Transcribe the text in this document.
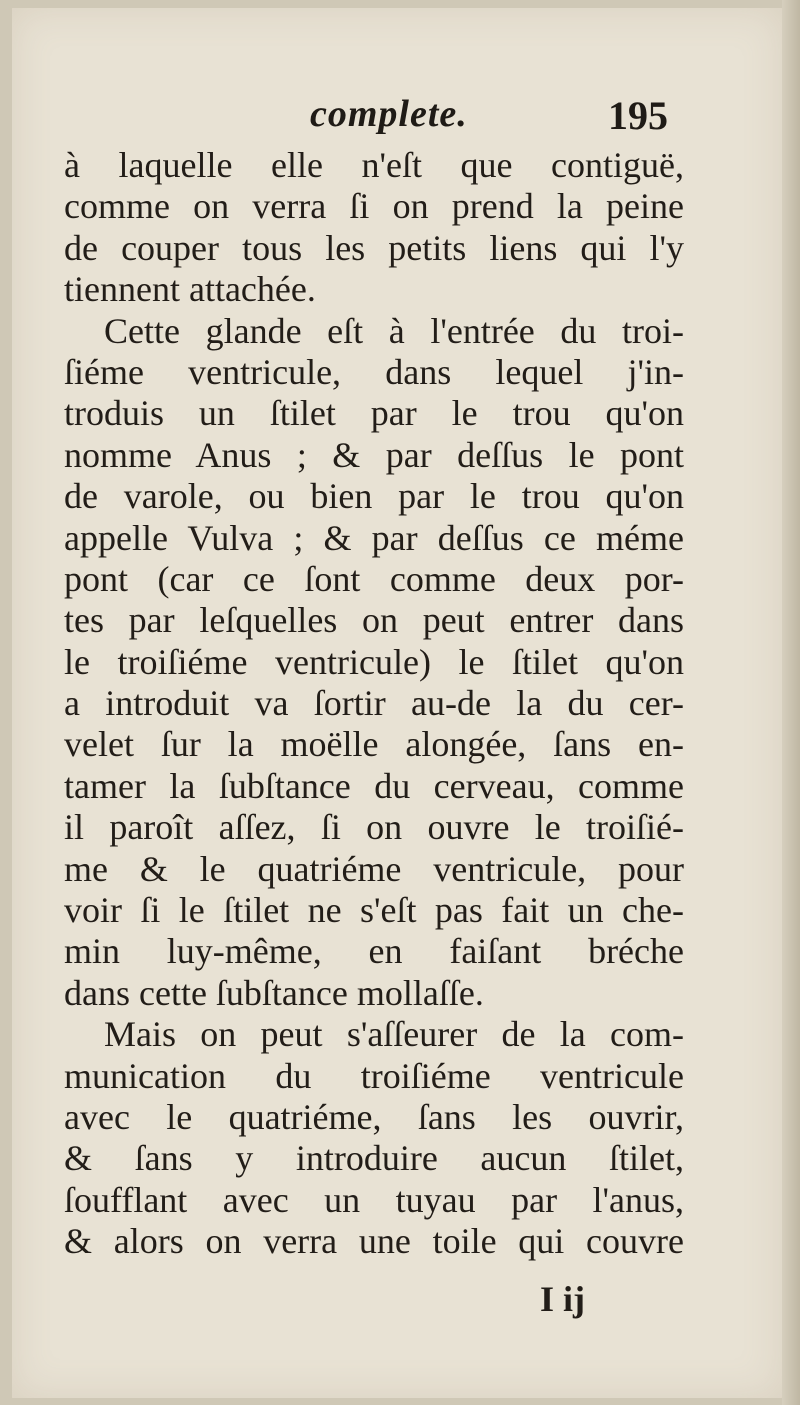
complete.	195
à laquelle elle n'eſt que contiguë,
comme on verra ſi on prend la peine
de couper tous les petits liens qui l'y
tiennent attachée.
Cette glande eſt à l'entrée du troi-
ſiéme ventricule, dans lequel j'in-
troduis un ſtilet par le trou qu'on
nomme Anus ; & par deſſus le pont
de varole, ou bien par le trou qu'on
appelle Vulva ; & par deſſus ce méme
pont (car ce ſont comme deux por-
tes par leſquelles on peut entrer dans
le troiſiéme ventricule) le ſtilet qu'on
a introduit va ſortir au-de la du cer-
velet ſur la moëlle alongée, ſans en-
tamer la ſubſtance du cerveau, comme
il paroît aſſez, ſi on ouvre le troiſié-
me & le quatriéme ventricule, pour
voir ſi le ſtilet ne s'eſt pas fait un che-
min luy-même, en faiſant bréche
dans cette ſubſtance mollaſſe.
Mais on peut s'aſſeurer de la com-
munication du troiſiéme ventricule
avec le quatriéme, ſans les ouvrir,
& ſans y introduire aucun ſtilet,
ſoufflant avec un tuyau par l'anus,
& alors on verra une toile qui couvre
I ij
